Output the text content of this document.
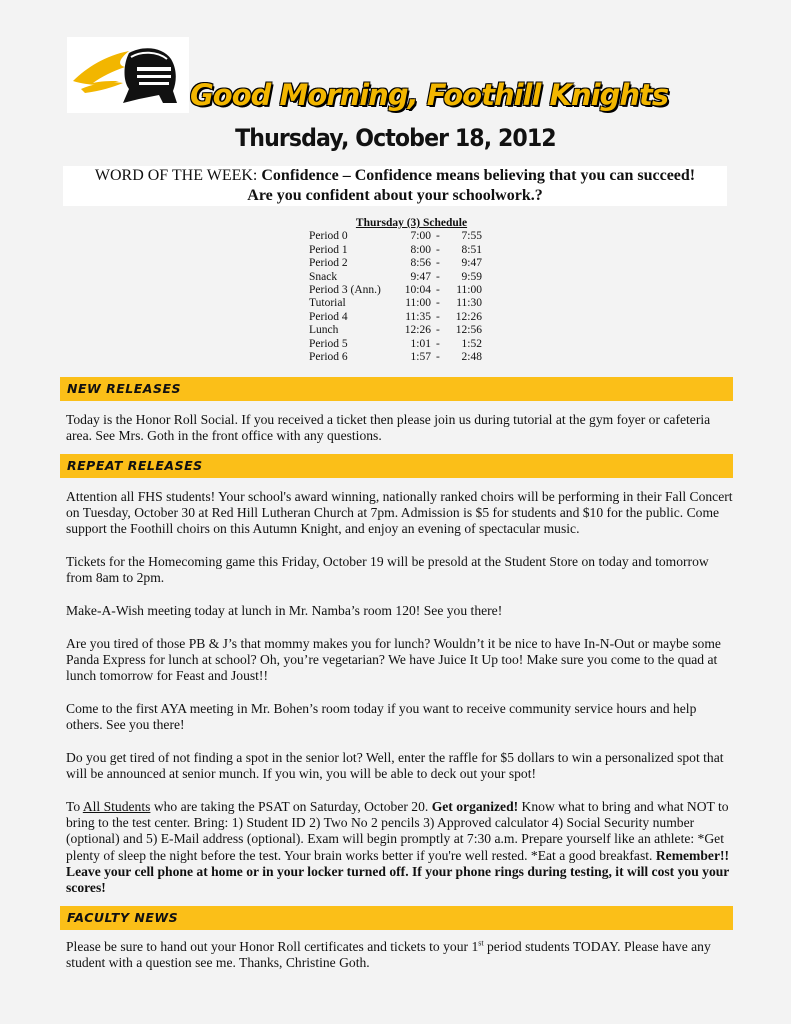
Good Morning, Foothill Knights
Thursday, October 18, 2012
WORD OF THE WEEK: Confidence – Confidence means believing that you can succeed!
Are you confident about your schoolwork.?
Thursday (3) Schedule
Period 0	7:00 -	7:55
Period 1	8:00 -	8:51
Period 2	8:56 -	9:47
Snack	9:47 -	9:59
Period 3 (Ann.)	10:04 -	11:00
Tutorial	11:00 -	11:30
Period 4	11:35 -	12:26
Lunch	12:26 -	12:56
Period 5	1:01 -	1:52
Period 6	1:57 -	2:48
NEW RELEASES
Today is the Honor Roll Social. If you received a ticket then please join us during tutorial at the gym foyer or cafeteria area. See Mrs. Goth in the front office with any questions.
REPEAT RELEASES
Attention all FHS students! Your school's award winning, nationally ranked choirs will be performing in their Fall Concert on Tuesday, October 30 at Red Hill Lutheran Church at 7pm. Admission is $5 for students and $10 for the public. Come support the Foothill choirs on this Autumn Knight, and enjoy an evening of spectacular music.
Tickets for the Homecoming game this Friday, October 19 will be presold at the Student Store on today and tomorrow from 8am to 2pm.
Make-A-Wish meeting today at lunch in Mr. Namba’s room 120! See you there!
Are you tired of those PB & J’s that mommy makes you for lunch? Wouldn’t it be nice to have In-N-Out or maybe some Panda Express for lunch at school? Oh, you’re vegetarian? We have Juice It Up too! Make sure you come to the quad at lunch tomorrow for Feast and Joust!!
Come to the first AYA meeting in Mr. Bohen’s room today if you want to receive community service hours and help others. See you there!
Do you get tired of not finding a spot in the senior lot? Well, enter the raffle for $5 dollars to win a personalized spot that will be announced at senior munch. If you win, you will be able to deck out your spot!
To All Students who are taking the PSAT on Saturday, October 20. Get organized! Know what to bring and what NOT to bring to the test center. Bring: 1) Student ID 2) Two No 2 pencils 3) Approved calculator 4) Social Security number (optional) and 5) E-Mail address (optional). Exam will begin promptly at 7:30 a.m. Prepare yourself like an athlete: *Get plenty of sleep the night before the test. Your brain works better if you're well rested. *Eat a good breakfast. Remember!! Leave your cell phone at home or in your locker turned off. If your phone rings during testing, it will cost you your scores!
FACULTY NEWS
Please be sure to hand out your Honor Roll certificates and tickets to your 1st period students TODAY. Please have any student with a question see me. Thanks, Christine Goth.
